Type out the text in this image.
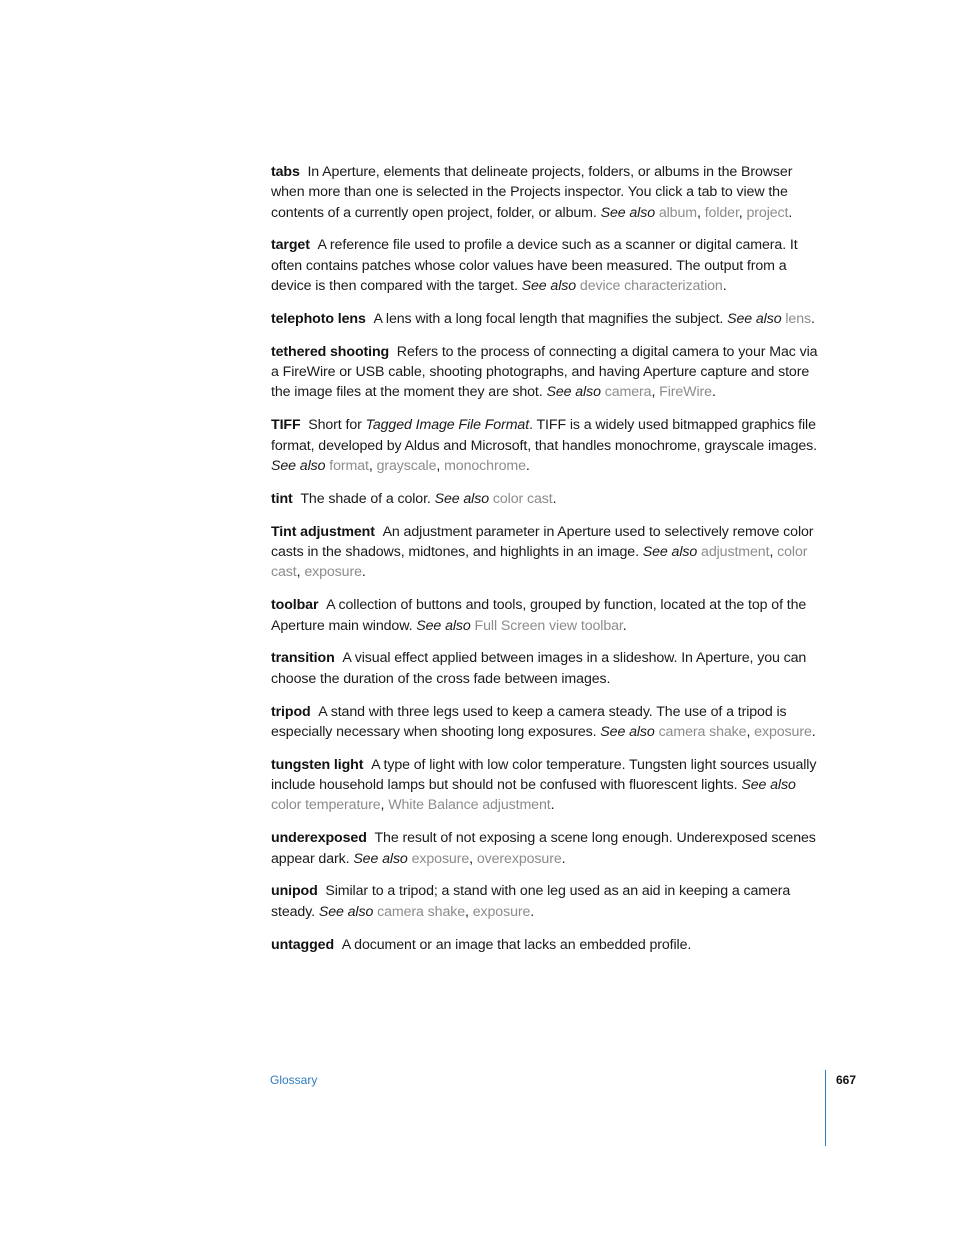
tabs In Aperture, elements that delineate projects, folders, or albums in the Browser when more than one is selected in the Projects inspector. You click a tab to view the contents of a currently open project, folder, or album. See also album, folder, project.

target A reference file used to profile a device such as a scanner or digital camera. It often contains patches whose color values have been measured. The output from a device is then compared with the target. See also device characterization.

telephoto lens A lens with a long focal length that magnifies the subject. See also lens.

tethered shooting Refers to the process of connecting a digital camera to your Mac via a FireWire or USB cable, shooting photographs, and having Aperture capture and store the image files at the moment they are shot. See also camera, FireWire.

TIFF Short for Tagged Image File Format. TIFF is a widely used bitmapped graphics file format, developed by Aldus and Microsoft, that handles monochrome, grayscale images. See also format, grayscale, monochrome.

tint The shade of a color. See also color cast.

Tint adjustment An adjustment parameter in Aperture used to selectively remove color casts in the shadows, midtones, and highlights in an image. See also adjustment, color cast, exposure.

toolbar A collection of buttons and tools, grouped by function, located at the top of the Aperture main window. See also Full Screen view toolbar.

transition A visual effect applied between images in a slideshow. In Aperture, you can choose the duration of the cross fade between images.

tripod A stand with three legs used to keep a camera steady. The use of a tripod is especially necessary when shooting long exposures. See also camera shake, exposure.

tungsten light A type of light with low color temperature. Tungsten light sources usually include household lamps but should not be confused with fluorescent lights. See also color temperature, White Balance adjustment.

underexposed The result of not exposing a scene long enough. Underexposed scenes appear dark. See also exposure, overexposure.

unipod Similar to a tripod; a stand with one leg used as an aid in keeping a camera steady. See also camera shake, exposure.

untagged A document or an image that lacks an embedded profile.

Glossary	667
